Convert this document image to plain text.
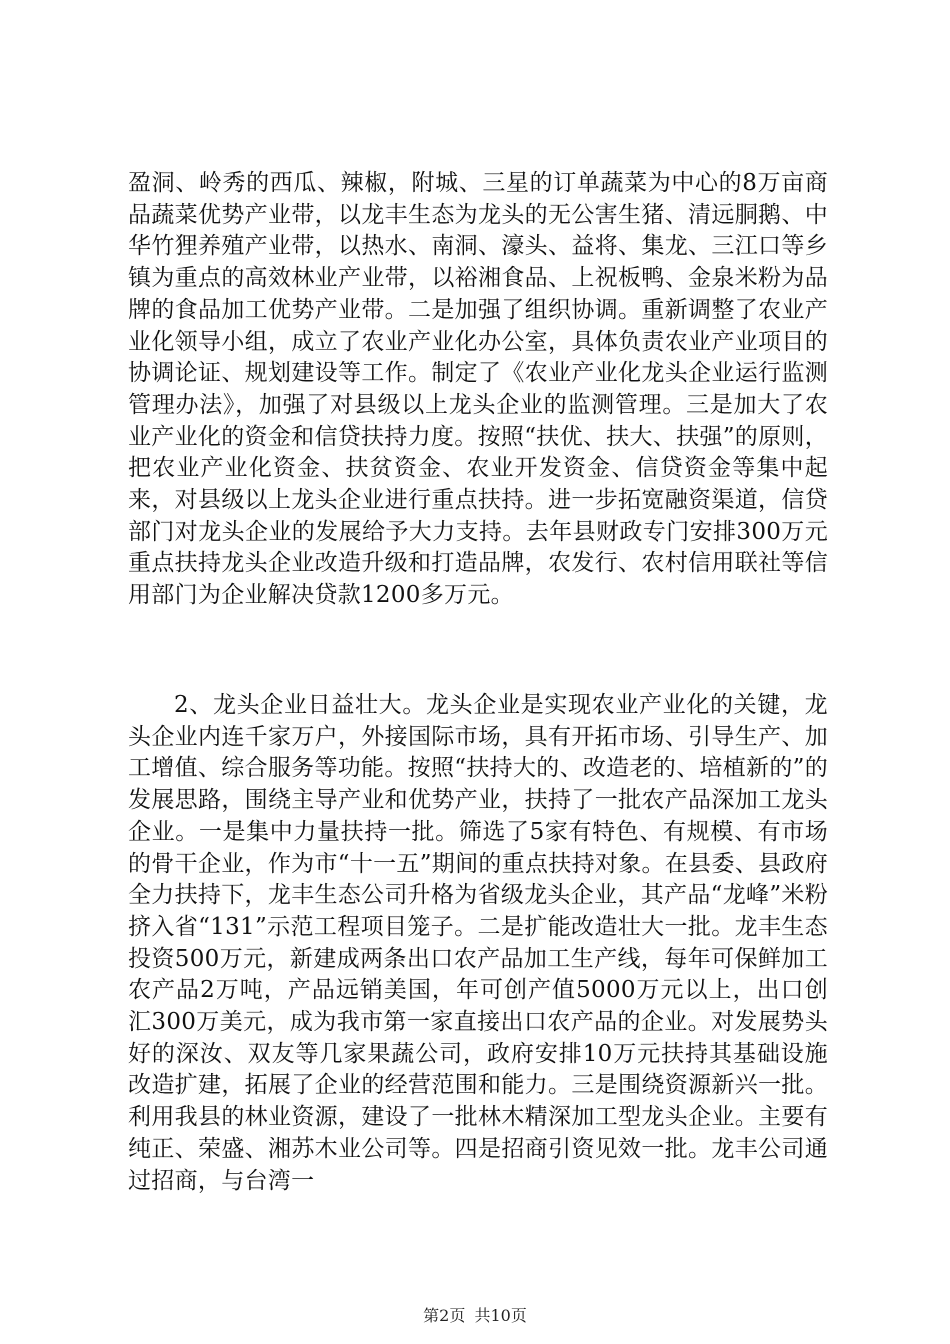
盈洞、岭秀的西瓜、辣椒，附城、三星的订单蔬菜为中心的8万亩商品蔬菜优势产业带，以龙丰生态为龙头的无公害生猪、清远胴鹅、中华竹狸养殖产业带，以热水、南洞、濠头、益将、集龙、三江口等乡镇为重点的高效林业产业带，以裕湘食品、上祝板鸭、金泉米粉为品牌的食品加工优势产业带。二是加强了组织协调。重新调整了农业产业化领导小组，成立了农业产业化办公室，具体负责农业产业项目的协调论证、规划建设等工作。制定了《农业产业化龙头企业运行监测管理办法》，加强了对县级以上龙头企业的监测管理。三是加大了农业产业化的资金和信贷扶持力度。按照“扶优、扶大、扶强”的原则，把农业产业化资金、扶贫资金、农业开发资金、信贷资金等集中起来，对县级以上龙头企业进行重点扶持。进一步拓宽融资渠道，信贷部门对龙头企业的发展给予大力支持。去年县财政专门安排300万元重点扶持龙头企业改造升级和打造品牌，农发行、农村信用联社等信用部门为企业解决贷款1200多万元。

2、龙头企业日益壮大。龙头企业是实现农业产业化的关键，龙头企业内连千家万户，外接国际市场，具有开拓市场、引导生产、加工增值、综合服务等功能。按照“扶持大的、改造老的、培植新的”的发展思路，围绕主导产业和优势产业，扶持了一批农产品深加工龙头企业。一是集中力量扶持一批。筛选了5家有特色、有规模、有市场的骨干企业，作为市“十一五”期间的重点扶持对象。在县委、县政府全力扶持下，龙丰生态公司升格为省级龙头企业，其产品“龙峰”米粉挤入省“131”示范工程项目笼子。二是扩能改造壮大一批。龙丰生态投资500万元，新建成两条出口农产品加工生产线，每年可保鲜加工农产品2万吨，产品远销美国，年可创产值5000万元以上，出口创汇300万美元，成为我市第一家直接出口农产品的企业。对发展势头好的深汝、双友等几家果蔬公司，政府安排10万元扶持其基础设施改造扩建，拓展了企业的经营范围和能力。三是围绕资源新兴一批。利用我县的林业资源，建设了一批林木精深加工型龙头企业。主要有纯正、荣盛、湘苏木业公司等。四是招商引资见效一批。龙丰公司通过招商，与台湾一

第2页 共10页
